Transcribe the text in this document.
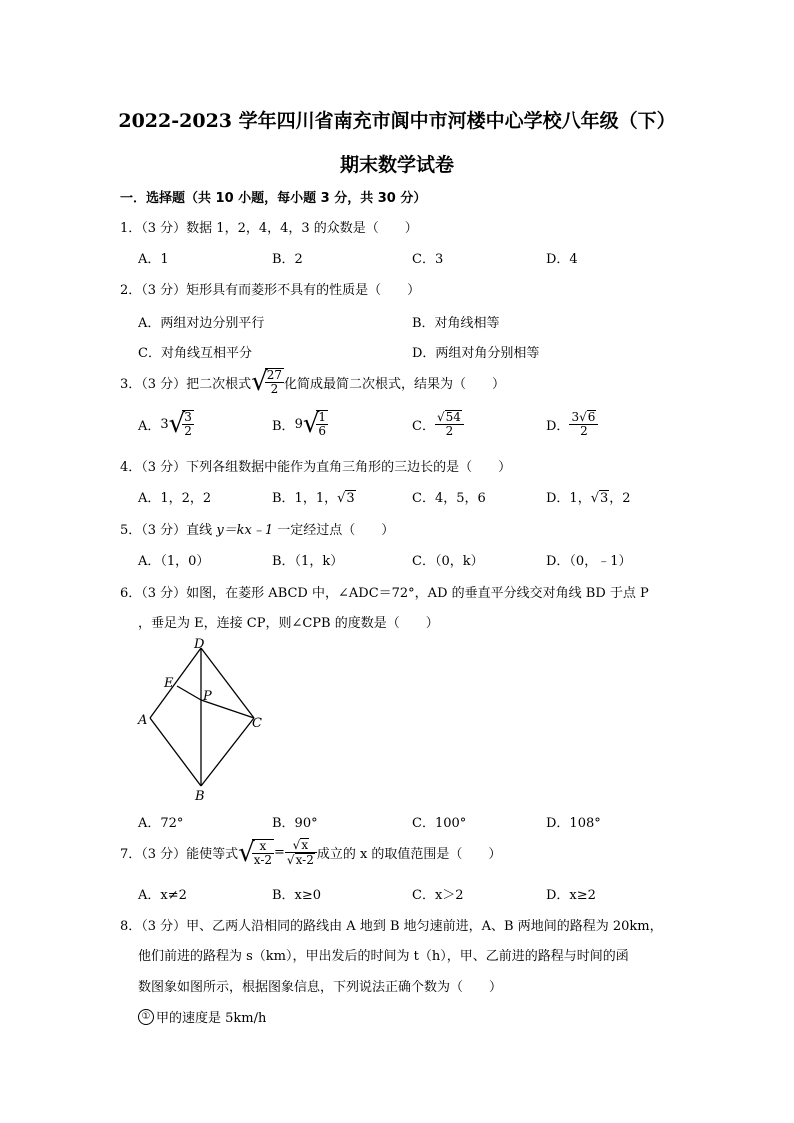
2022-2023 学年四川省南充市阆中市河楼中心学校八年级（下）
期末数学试卷
一．选择题（共 10 小题，每小题 3 分，共 30 分）
1．（3 分）数据 1，2，4，4，3 的众数是（　　）
A．1	B．2	C．3	D．4
2．（3 分）矩形具有而菱形不具有的性质是（　　）
A．两组对边分别平行	B．对角线相等
C．对角线互相平分	D．两组对角分别相等
3．（3 分）把二次根式 √
$\frac{27}{2}$ 化简成最简二次根式，结果为（　　）
A． 3 √
$\frac{3}{2}$	B． 9 √
$\frac{1}{6}$	C． $\frac{√54}{2}$	D． $\frac{3√6}{2}$
4．（3 分）下列各组数据中能作为直角三角形的三边长的是（　　）
A．1，2，2	B．1，1，√3	C．4，5，6	D．1，√3，2
5．（3 分）直线 y＝kx﹣1 一定经过点（　　）
A．（1，0）	B．（1，k）	C．（0，k）	D．（0，﹣1）
6．（3 分）如图，在菱形 ABCD 中，∠ADC＝72°，AD 的垂直平分线交对角线 BD 于点 P
，垂足为 E，连接 CP，则∠CPB 的度数是（　　）
D
E
P
A	C
B
A．72°	B．90°	C．100°	D．108°
7．（3 分）能使等式 √
$\frac{x}{x-2} = \frac{√x}{√x-2}$ 成立的 x 的取值范围是（　　）
A．x≠2	B．x≥0	C．x＞2	D．x≥2
8．（3 分）甲、乙两人沿相同的路线由 A 地到 B 地匀速前进，A、B 两地间的路程为 20km，
他们前进的路程为 s（km），甲出发后的时间为 t（h），甲、乙前进的路程与时间的函
数图象如图所示，根据图象信息，下列说法正确个数为（　　）
① 甲的速度是 5km/h
